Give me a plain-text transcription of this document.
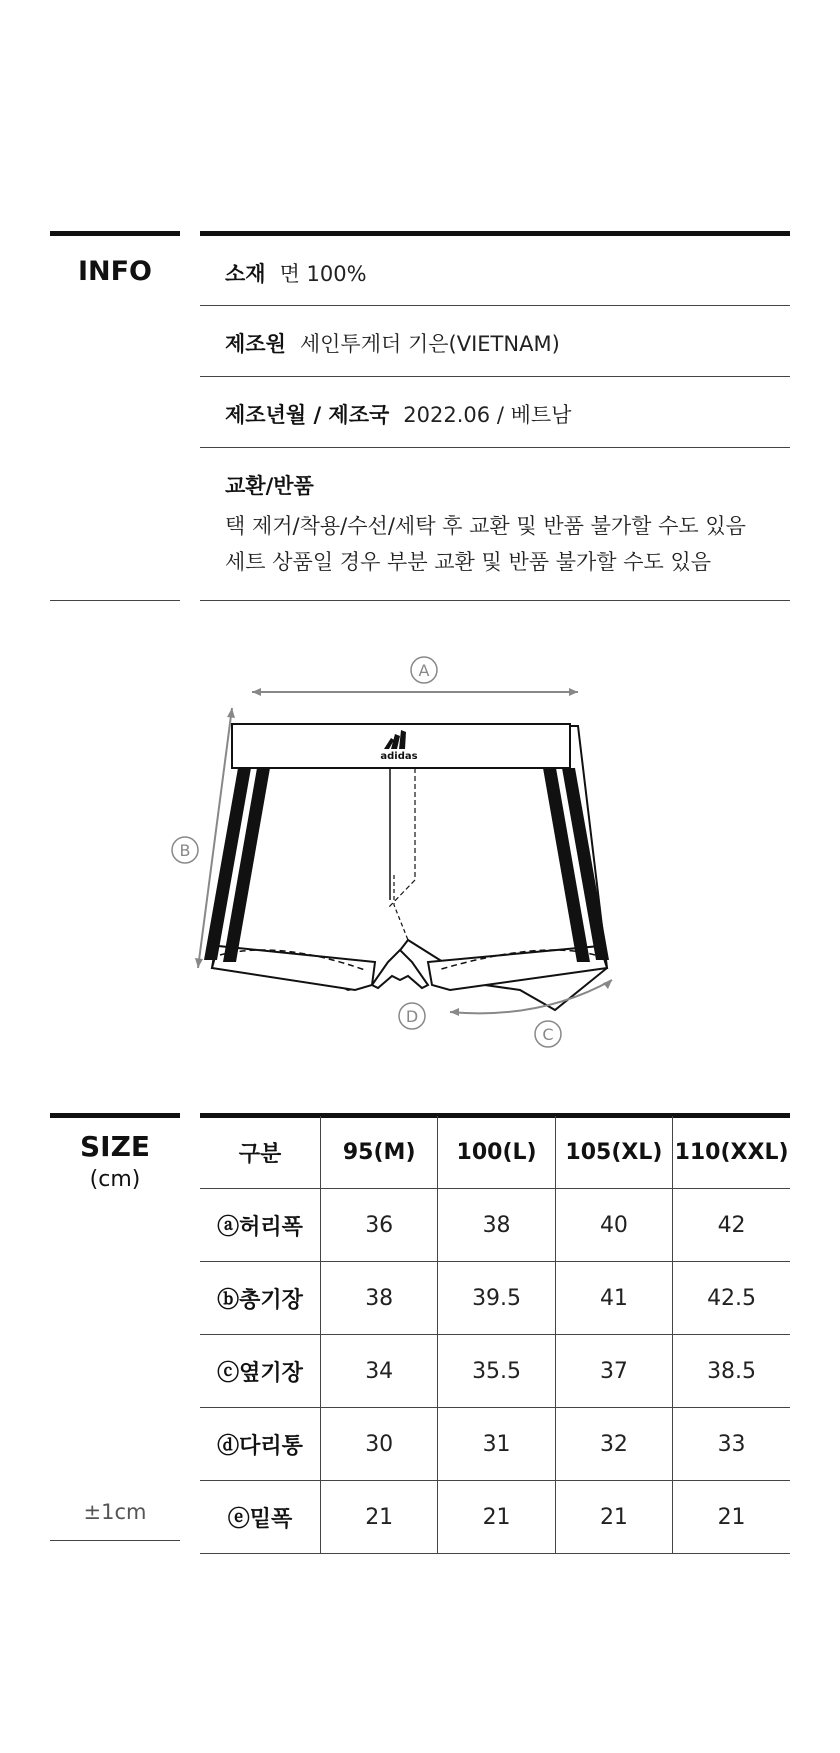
INFO	소재 면 100%
제조원 세인투게더 기은(VIETNAM)
제조년월 / 제조국 2022.06 / 베트남
교환/반품
택 제거/착용/수선/세탁 후 교환 및 반품 불가할 수도 있음
세트 상품일 경우 부분 교환 및 반품 불가할 수도 있음
A
B
adidas
C
D
SIZE
(cm)
±1cm
구분	95(M)	100(L)	105(XL)	110(XXL)
ⓐ허리폭	36	38	40	42
ⓑ총기장	38	39.5	41	42.5
ⓒ옆기장	34	35.5	37	38.5
ⓓ다리통	30	31	32	33
ⓔ밑폭	21	21	21	21
